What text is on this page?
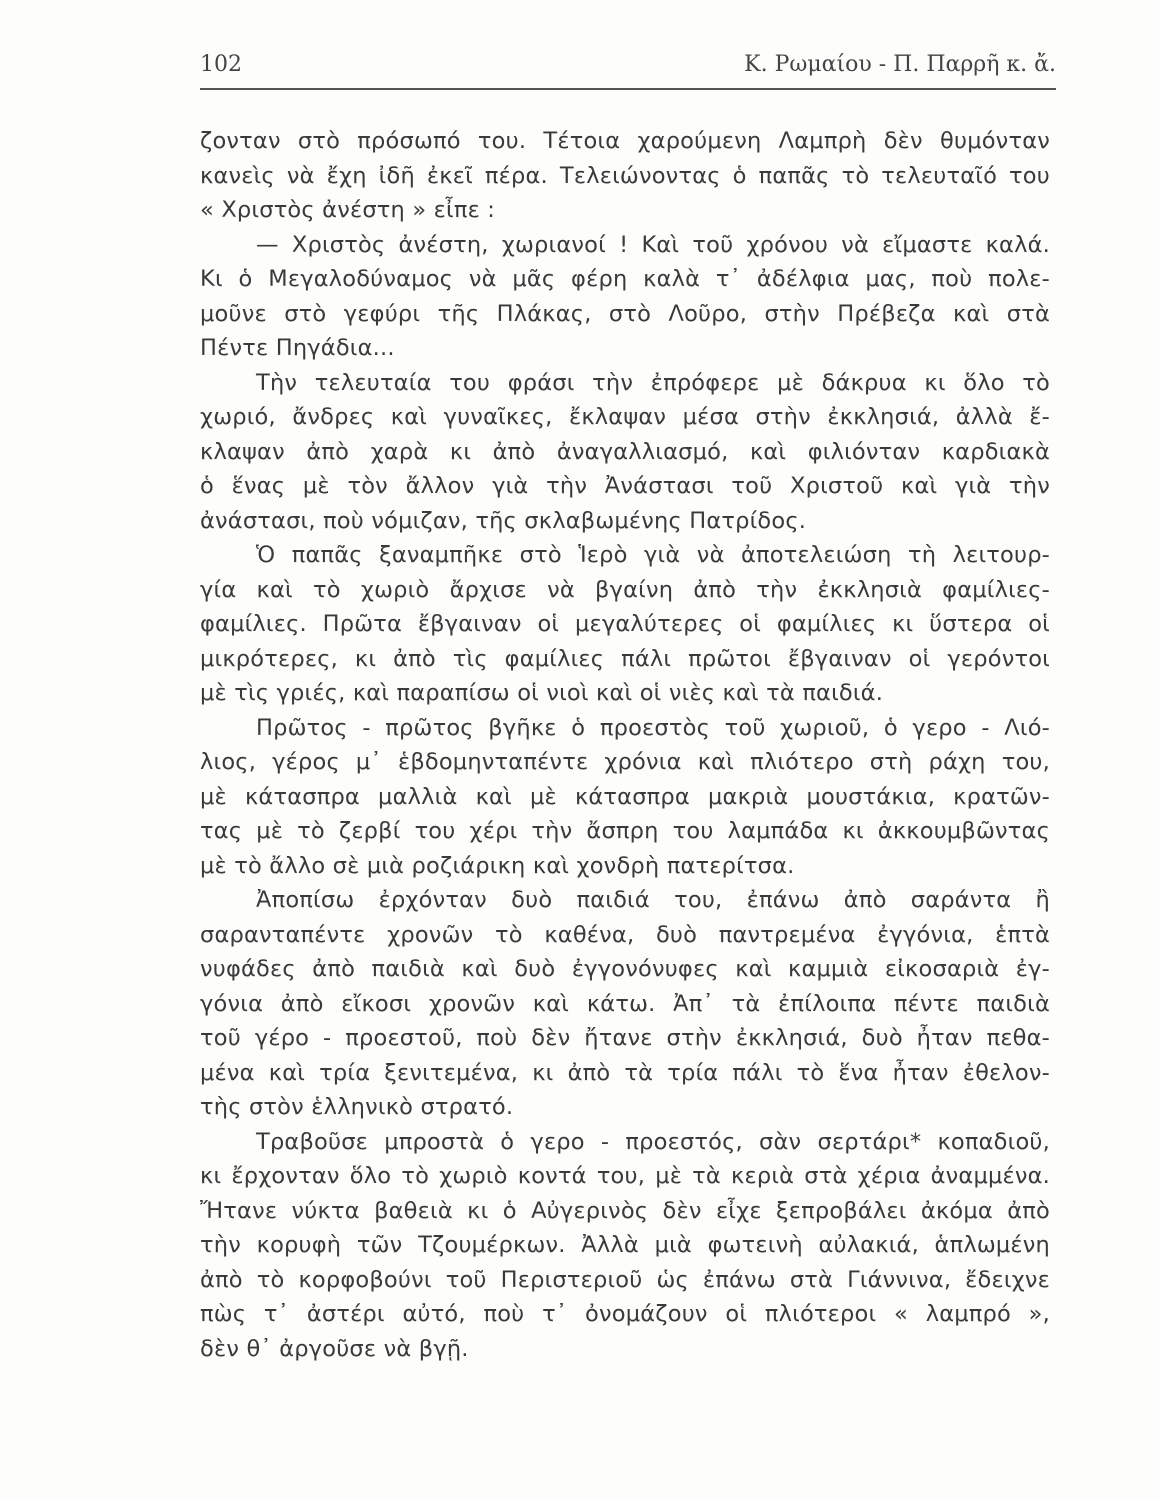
102	Κ. Ρωμαίου - Π. Παρρῆ κ. ἄ.
ζονταν στὸ πρόσωπό του. Τέτοια χαρούμενη Λαμπρὴ δὲν θυμόνταν
κανεὶς νὰ ἔχη ἰδῆ ἐκεῖ πέρα. Τελειώνοντας ὁ παπᾶς τὸ τελευταῖό του
« Χριστὸς ἀνέστη » εἶπε :
— Χριστὸς ἀνέστη, χωριανοί ! Καὶ τοῦ χρόνου νὰ εἴμαστε καλά.
Κι ὁ Μεγαλοδύναμος νὰ μᾶς φέρη καλὰ τ᾿ ἀδέλφια μας, ποὺ πολε-
μοῦνε στὸ γεφύρι τῆς Πλάκας, στὸ Λοῦρο, στὴν Πρέβεζα καὶ στὰ
Πέντε Πηγάδια...
Τὴν τελευταία του φράσι τὴν ἐπρόφερε μὲ δάκρυα κι ὅλο τὸ
χωριό, ἄνδρες καὶ γυναῖκες, ἔκλαψαν μέσα στὴν ἐκκλησιά, ἀλλὰ ἔ-
κλαψαν ἀπὸ χαρὰ κι ἀπὸ ἀναγαλλιασμό, καὶ φιλιόνταν καρδιακὰ
ὁ ἕνας μὲ τὸν ἄλλον γιὰ τὴν Ἀνάστασι τοῦ Χριστοῦ καὶ γιὰ τὴν
ἀνάστασι, ποὺ νόμιζαν, τῆς σκλαβωμένης Πατρίδος.
Ὁ παπᾶς ξαναμπῆκε στὸ Ἱερὸ γιὰ νὰ ἀποτελειώση τὴ λειτουρ-
γία καὶ τὸ χωριὸ ἄρχισε νὰ βγαίνη ἀπὸ τὴν ἐκκλησιὰ φαμίλιες-
φαμίλιες. Πρῶτα ἔβγαιναν οἱ μεγαλύτερες οἱ φαμίλιες κι ὕστερα οἱ
μικρότερες, κι ἀπὸ τὶς φαμίλιες πάλι πρῶτοι ἔβγαιναν οἱ γερόντοι
μὲ τὶς γριές, καὶ παραπίσω οἱ νιοὶ καὶ οἱ νιὲς καὶ τὰ παιδιά.
Πρῶτος - πρῶτος βγῆκε ὁ προεστὸς τοῦ χωριοῦ, ὁ γερο - Λιό-
λιος, γέρος μ᾿ ἑβδομηνταπέντε χρόνια καὶ πλιότερο στὴ ράχη του,
μὲ κάτασπρα μαλλιὰ καὶ μὲ κάτασπρα μακριὰ μουστάκια, κρατῶν-
τας μὲ τὸ ζερβί του χέρι τὴν ἄσπρη του λαμπάδα κι ἀκκουμβῶντας
μὲ τὸ ἄλλο σὲ μιὰ ροζιάρικη καὶ χονδρὴ πατερίτσα.
Ἀποπίσω ἐρχόνταν δυὸ παιδιά του, ἐπάνω ἀπὸ σαράντα ἢ
σαρανταπέντε χρονῶν τὸ καθένα, δυὸ παντρεμένα ἐγγόνια, ἑπτὰ
νυφάδες ἀπὸ παιδιὰ καὶ δυὸ ἐγγονόνυφες καὶ καμμιὰ εἰκοσαριὰ ἐγ-
γόνια ἀπὸ εἴκοσι χρονῶν καὶ κάτω. Ἀπ᾿ τὰ ἐπίλοιπα πέντε παιδιὰ
τοῦ γέρο - προεστοῦ, ποὺ δὲν ἤτανε στὴν ἐκκλησιά, δυὸ ἦταν πεθα-
μένα καὶ τρία ξενιτεμένα, κι ἀπὸ τὰ τρία πάλι τὸ ἕνα ἦταν ἐθελον-
τὴς στὸν ἑλληνικὸ στρατό.
Τραβοῦσε μπροστὰ ὁ γερο - προεστός, σὰν σερτάρι* κοπαδιοῦ,
κι ἔρχονταν ὅλο τὸ χωριὸ κοντά του, μὲ τὰ κεριὰ στὰ χέρια ἀναμμένα.
Ἤτανε νύκτα βαθειὰ κι ὁ Αὐγερινὸς δὲν εἶχε ξεπροβάλει ἀκόμα ἀπὸ
τὴν κορυφὴ τῶν Τζουμέρκων. Ἀλλὰ μιὰ φωτεινὴ αὐλακιά, ἁπλωμένη
ἀπὸ τὸ κορφοβούνι τοῦ Περιστεριοῦ ὡς ἐπάνω στὰ Γιάννινα, ἔδειχνε
πὼς τ᾿ ἀστέρι αὐτό, ποὺ τ᾿ ὀνομάζουν οἱ πλιότεροι « λαμπρό »,
δὲν θ᾿ ἀργοῦσε νὰ βγῇ.
